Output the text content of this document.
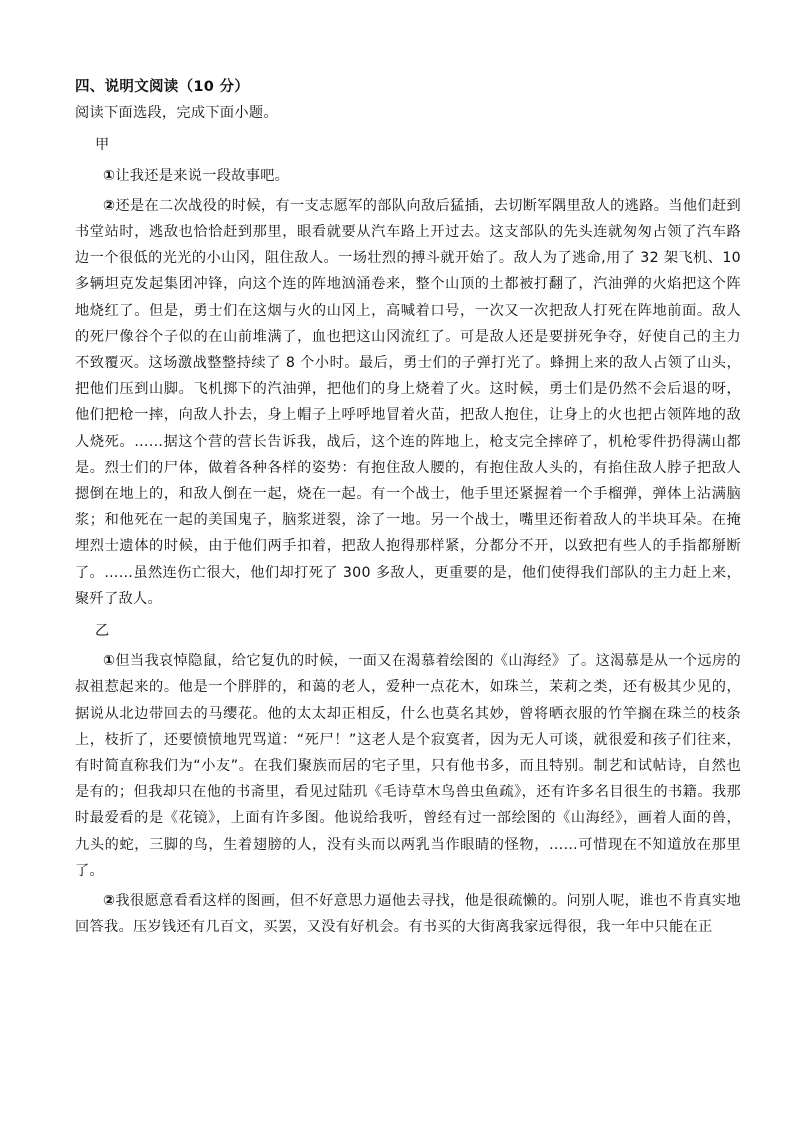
四、说明文阅读（10 分）

阅读下面选段，完成下面小题。

甲

①让我还是来说一段故事吧。

②还是在二次战役的时候，有一支志愿军的部队向敌后猛插，去切断军隅里敌人的逃路。当他们赶到书堂站时，逃敌也恰恰赶到那里，眼看就要从汽车路上开过去。这支部队的先头连就匆匆占领了汽车路边一个很低的光光的小山冈，阻住敌人。一场壮烈的搏斗就开始了。敌人为了逃命,用了 32 架飞机、10 多辆坦克发起集团冲锋，向这个连的阵地汹涌卷来，整个山顶的土都被打翻了，汽油弹的火焰把这个阵地烧红了。但是，勇士们在这烟与火的山冈上，高喊着口号，一次又一次把敌人打死在阵地前面。敌人的死尸像谷个子似的在山前堆满了，血也把这山冈流红了。可是敌人还是要拼死争夺，好使自己的主力不致覆灭。这场激战整整持续了 8 个小时。最后，勇士们的子弹打光了。蜂拥上来的敌人占领了山头，把他们压到山脚。飞机掷下的汽油弹，把他们的身上烧着了火。这时候，勇士们是仍然不会后退的呀，他们把枪一摔，向敌人扑去，身上帽子上呼呼地冒着火苗，把敌人抱住，让身上的火也把占领阵地的敌人烧死。……据这个营的营长告诉我，战后，这个连的阵地上，枪支完全摔碎了，机枪零件扔得满山都是。烈士们的尸体，做着各种各样的姿势：有抱住敌人腰的，有抱住敌人头的，有掐住敌人脖子把敌人摁倒在地上的，和敌人倒在一起，烧在一起。有一个战士，他手里还紧握着一个手榴弹，弹体上沾满脑浆；和他死在一起的美国鬼子，脑浆迸裂，涂了一地。另一个战士，嘴里还衔着敌人的半块耳朵。在掩埋烈士遗体的时候，由于他们两手扣着，把敌人抱得那样紧，分都分不开，以致把有些人的手指都掰断了。……虽然连伤亡很大，他们却打死了 300 多敌人，更重要的是，他们使得我们部队的主力赶上来，聚歼了敌人。

乙

①但当我哀悼隐鼠，给它复仇的时候，一面又在渴慕着绘图的《山海经》了。这渴慕是从一个远房的叔祖惹起来的。他是一个胖胖的，和蔼的老人，爱种一点花木，如珠兰，茉莉之类，还有极其少见的，据说从北边带回去的马缨花。他的太太却正相反，什么也莫名其妙，曾将晒衣服的竹竿搁在珠兰的枝条上，枝折了，还要愤愤地咒骂道：“死尸！”这老人是个寂寞者，因为无人可谈，就很爱和孩子们往来，有时简直称我们为“小友”。在我们聚族而居的宅子里，只有他书多，而且特别。制艺和试帖诗，自然也是有的；但我却只在他的书斋里，看见过陆玑《毛诗草木鸟兽虫鱼疏》，还有许多名目很生的书籍。我那时最爱看的是《花镜》，上面有许多图。他说给我听，曾经有过一部绘图的《山海经》，画着人面的兽，九头的蛇，三脚的鸟，生着翅膀的人，没有头而以两乳当作眼睛的怪物，……可惜现在不知道放在那里了。

②我很愿意看看这样的图画，但不好意思力逼他去寻找，他是很疏懒的。问别人呢，谁也不肯真实地回答我。压岁钱还有几百文，买罢，又没有好机会。有书买的大街离我家远得很，我一年中只能在正
